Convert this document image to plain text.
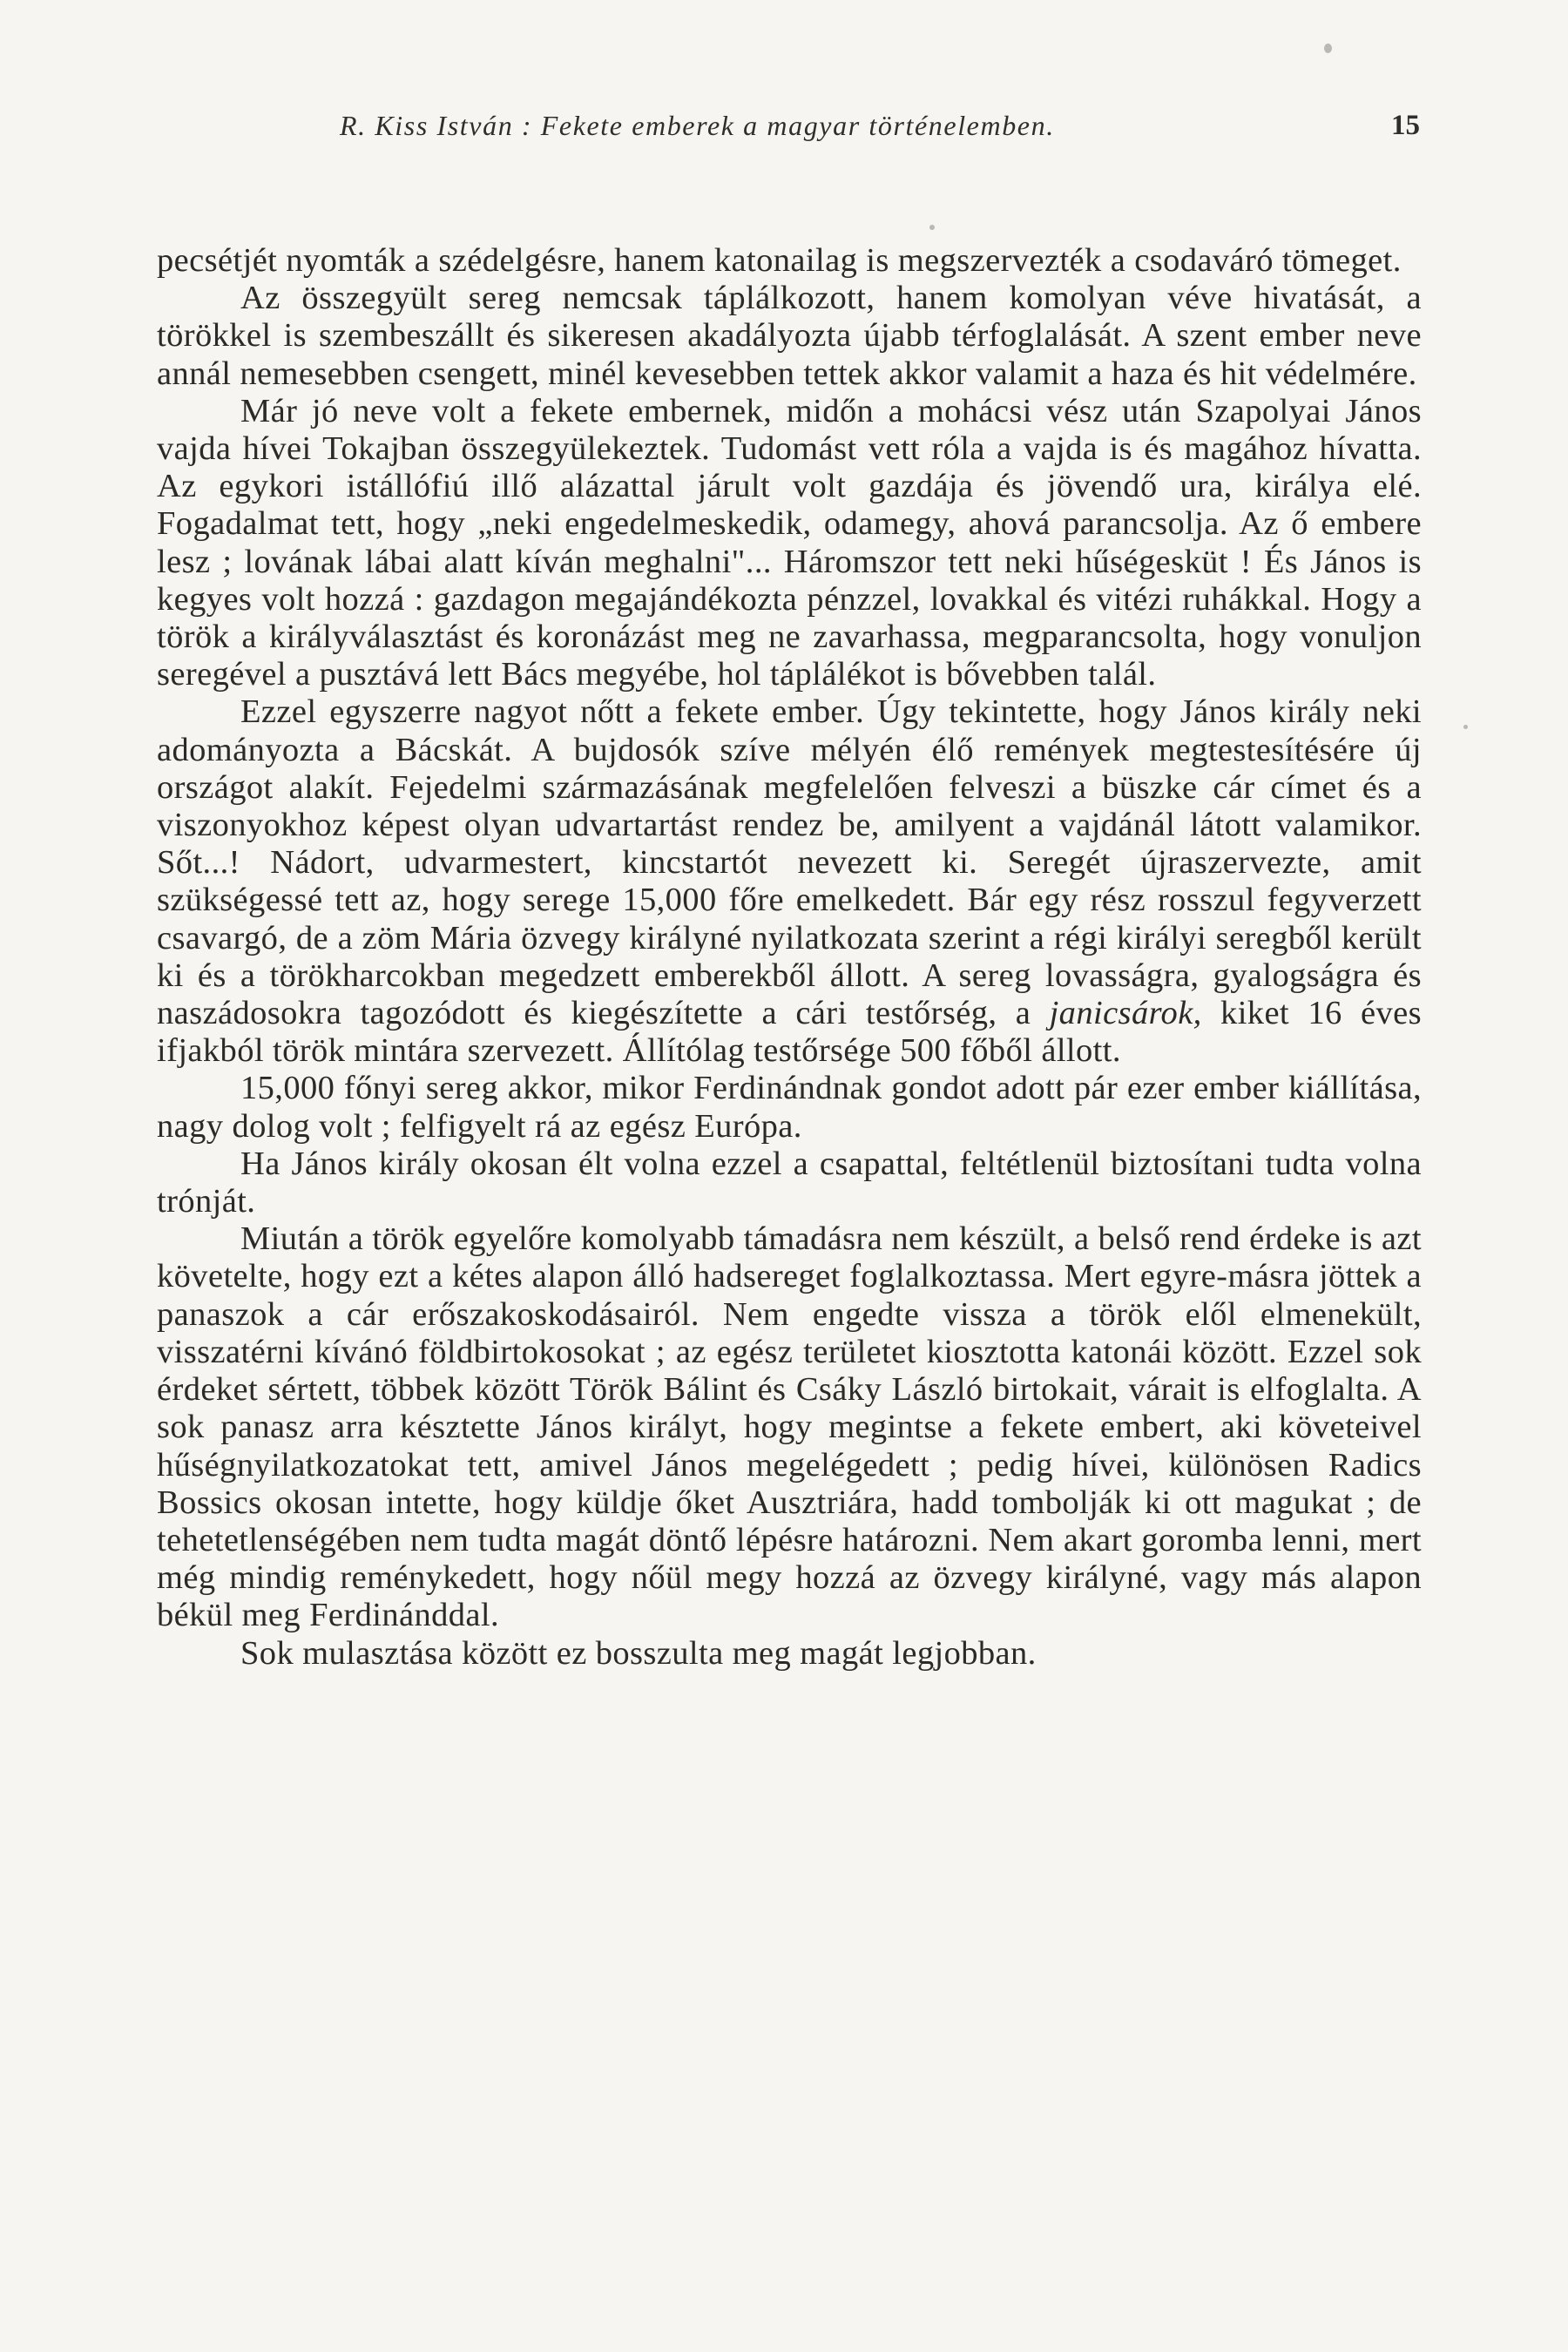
R. Kiss István : Fekete emberek a magyar történelemben.	15

pecsétjét nyomták a szédelgésre, hanem katonailag is megszervezték a csodaváró tömeget.

Az összegyült sereg nemcsak táplálkozott, hanem komolyan véve hivatását, a törökkel is szembeszállt és sikeresen akadályozta újabb térfoglalását. A szent ember neve annál nemesebben csengett, minél kevesebben tettek akkor valamit a haza és hit védelmére.

Már jó neve volt a fekete embernek, midőn a mohácsi vész után Szapolyai János vajda hívei Tokajban összegyülekeztek. Tudomást vett róla a vajda is és magához hívatta. Az egykori istállófiú illő alázattal járult volt gazdája és jövendő ura, királya elé. Fogadalmat tett, hogy „neki engedelmeskedik, odamegy, ahová parancsolja. Az ő embere lesz ; lovának lábai alatt kíván meghalni"... Háromszor tett neki hűségesküt ! És János is kegyes volt hozzá : gazdagon megajándékozta pénzzel, lovakkal és vitézi ruhákkal. Hogy a török a királyválasztást és koronázást meg ne zavarhassa, megparancsolta, hogy vonuljon seregével a pusztává lett Bács megyébe, hol táplálékot is bővebben talál.

Ezzel egyszerre nagyot nőtt a fekete ember. Úgy tekintette, hogy János király neki adományozta a Bácskát. A bujdosók szíve mélyén élő remények megtestesítésére új országot alakít. Fejedelmi származásának megfelelően felveszi a büszke cár címet és a viszonyokhoz képest olyan udvartartást rendez be, amilyent a vajdánál látott valamikor. Sőt...! Nádort, udvarmestert, kincstartót nevezett ki. Seregét újraszervezte, amit szükségessé tett az, hogy serege 15,000 főre emelkedett. Bár egy rész rosszul fegyverzett csavargó, de a zöm Mária özvegy királyné nyilatkozata szerint a régi királyi seregből került ki és a törökharcokban megedzett emberekből állott. A sereg lovasságra, gyalogságra és naszádosokra tagozódott és kiegészítette a cári testőrség, a janicsárok, kiket 16 éves ifjakból török mintára szervezett. Állítólag testőrsége 500 főből állott.

15,000 főnyi sereg akkor, mikor Ferdinándnak gondot adott pár ezer ember kiállítása, nagy dolog volt ; felfigyelt rá az egész Európa.

Ha János király okosan élt volna ezzel a csapattal, feltétlenül biztosítani tudta volna trónját.

Miután a török egyelőre komolyabb támadásra nem készült, a belső rend érdeke is azt követelte, hogy ezt a kétes alapon álló hadsereget foglalkoztassa. Mert egyre-másra jöttek a panaszok a cár erőszakoskodásairól. Nem engedte vissza a török elől elmenekült, visszatérni kívánó földbirtokosokat ; az egész területet kiosztotta katonái között. Ezzel sok érdeket sértett, többek között Török Bálint és Csáky László birtokait, várait is elfoglalta. A sok panasz arra késztette János királyt, hogy megintse a fekete embert, aki követeivel hűségnyilatkozatokat tett, amivel János megelégedett ; pedig hívei, különösen Radics Bossics okosan intette, hogy küldje őket Ausztriára, hadd tombolják ki ott magukat ; de tehetetlenségében nem tudta magát döntő lépésre határozni. Nem akart goromba lenni, mert még mindig reménykedett, hogy nőül megy hozzá az özvegy királyné, vagy más alapon békül meg Ferdinánddal.

Sok mulasztása között ez bosszulta meg magát legjobban.
